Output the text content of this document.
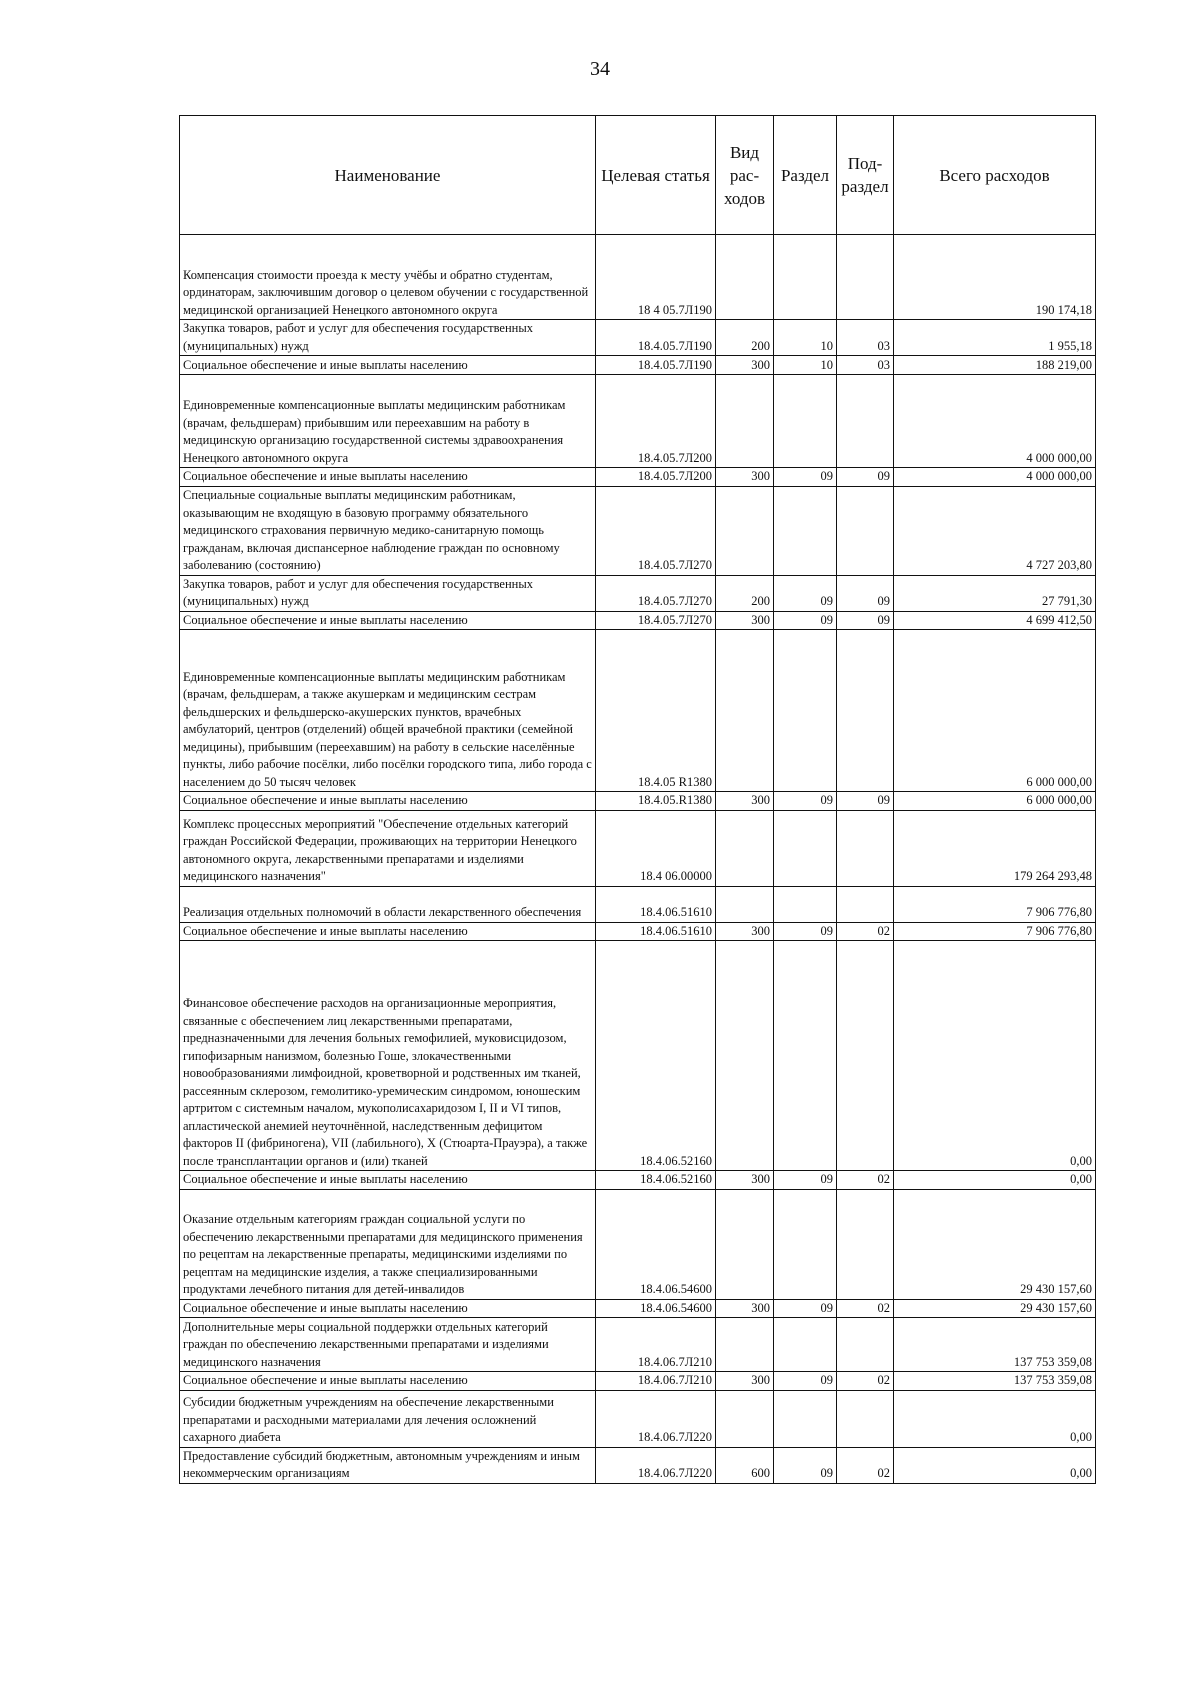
34
Наименование	Целевая статья	Вид рас-ходов	Раздел	Под-раздел	Всего расходов
Компенсация стоимости проезда к месту учёбы и обратно студентам, ординаторам, заключившим договор о целевом обучении с государственной медицинской организацией Ненецкого автономного округа	18 4 05.7Л190				190 174,18
Закупка товаров, работ и услуг для обеспечения государственных (муниципальных) нужд	18.4.05.7Л190	200	10	03	1 955,18
Социальное обеспечение и иные выплаты населению	18.4.05.7Л190	300	10	03	188 219,00
Единовременные компенсационные выплаты медицинским работникам (врачам, фельдшерам) прибывшим или переехавшим на работу в медицинскую организацию государственной системы здравоохранения Ненецкого автономного округа	18.4.05.7Л200				4 000 000,00
Социальное обеспечение и иные выплаты населению	18.4.05.7Л200	300	09	09	4 000 000,00
Специальные социальные выплаты медицинским работникам, оказывающим не входящую в базовую программу обязательного медицинского страхования первичную медико-санитарную помощь гражданам, включая диспансерное наблюдение граждан по основному заболеванию (состоянию)	18.4.05.7Л270				4 727 203,80
Закупка товаров, работ и услуг для обеспечения государственных (муниципальных) нужд	18.4.05.7Л270	200	09	09	27 791,30
Социальное обеспечение и иные выплаты населению	18.4.05.7Л270	300	09	09	4 699 412,50
Единовременные компенсационные выплаты медицинским работникам (врачам, фельдшерам, а также акушеркам и медицинским сестрам фельдшерских и фельдшерско-акушерских пунктов, врачебных амбулаторий, центров (отделений) общей врачебной практики (семейной медицины), прибывшим (переехавшим) на работу в сельские населённые пункты, либо рабочие посёлки, либо посёлки городского типа, либо города с населением до 50 тысяч человек	18.4.05 R1380				6 000 000,00
Социальное обеспечение и иные выплаты населению	18.4.05.R1380	300	09	09	6 000 000,00
Комплекс процессных мероприятий "Обеспечение отдельных категорий граждан Российской Федерации, проживающих на территории Ненецкого автономного округа, лекарственными препаратами и изделиями медицинского назначения"	18.4 06.00000				179 264 293,48
Реализация отдельных полномочий в области лекарственного обеспечения	18.4.06.51610				7 906 776,80
Социальное обеспечение и иные выплаты населению	18.4.06.51610	300	09	02	7 906 776,80
Финансовое обеспечение расходов на организационные мероприятия, связанные с обеспечением лиц лекарственными препаратами, предназначенными для лечения больных гемофилией, муковисцидозом, гипофизарным нанизмом, болезнью Гоше, злокачественными новообразованиями лимфоидной, кроветворной и родственных им тканей, рассеянным склерозом, гемолитико-уремическим синдромом, юношеским артритом с системным началом, мукополисахаридозом I, II и VI типов, апластической анемией неуточнённой, наследственным дефицитом факторов II (фибриногена), VII (лабильного), X (Стюарта-Прауэра), а также после трансплантации органов и (или) тканей	18.4.06.52160				0,00
Социальное обеспечение и иные выплаты населению	18.4.06.52160	300	09	02	0,00
Оказание отдельным категориям граждан социальной услуги по обеспечению лекарственными препаратами для медицинского применения по рецептам на лекарственные препараты, медицинскими изделиями по рецептам на медицинские изделия, а также специализированными продуктами лечебного питания для детей-инвалидов	18.4.06.54600				29 430 157,60
Социальное обеспечение и иные выплаты населению	18.4.06.54600	300	09	02	29 430 157,60
Дополнительные меры социальной поддержки отдельных категорий граждан по обеспечению лекарственными препаратами и изделиями медицинского назначения	18.4.06.7Л210				137 753 359,08
Социальное обеспечение и иные выплаты населению	18.4.06.7Л210	300	09	02	137 753 359,08
Субсидии бюджетным учреждениям на обеспечение лекарственными препаратами и расходными материалами для лечения осложнений сахарного диабета	18.4.06.7Л220				0,00
Предоставление субсидий бюджетным, автономным учреждениям и иным некоммерческим организациям	18.4.06.7Л220	600	09	02	0,00
